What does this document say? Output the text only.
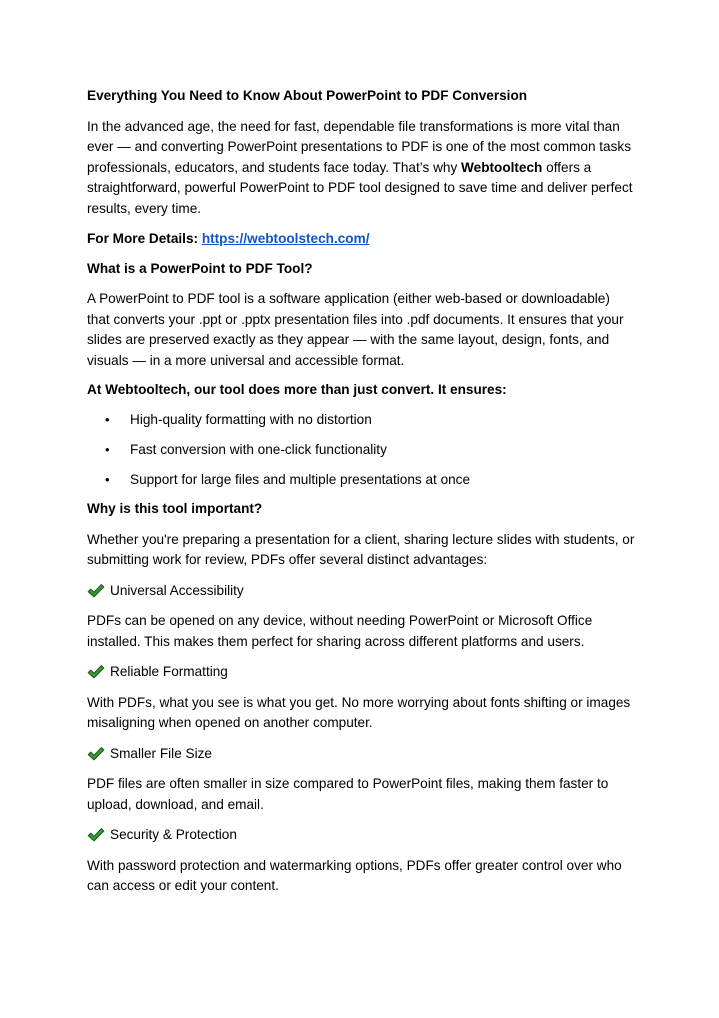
Everything You Need to Know About PowerPoint to PDF Conversion

In the advanced age, the need for fast, dependable file transformations is more vital than ever — and converting PowerPoint presentations to PDF is one of the most common tasks professionals, educators, and students face today. That’s why Webtooltech offers a straightforward, powerful PowerPoint to PDF tool designed to save time and deliver perfect results, every time.

For More Details: https://webtoolstech.com/

What is a PowerPoint to PDF Tool?

A PowerPoint to PDF tool is a software application (either web-based or downloadable) that converts your .ppt or .pptx presentation files into .pdf documents. It ensures that your slides are preserved exactly as they appear — with the same layout, design, fonts, and visuals — in a more universal and accessible format.

At Webtooltech, our tool does more than just convert. It ensures:

• High-quality formatting with no distortion
• Fast conversion with one-click functionality
• Support for large files and multiple presentations at once

Why is this tool important?

Whether you're preparing a presentation for a client, sharing lecture slides with students, or submitting work for review, PDFs offer several distinct advantages:

Universal Accessibility

PDFs can be opened on any device, without needing PowerPoint or Microsoft Office installed. This makes them perfect for sharing across different platforms and users.

Reliable Formatting

With PDFs, what you see is what you get. No more worrying about fonts shifting or images misaligning when opened on another computer.

Smaller File Size

PDF files are often smaller in size compared to PowerPoint files, making them faster to upload, download, and email.

Security & Protection

With password protection and watermarking options, PDFs offer greater control over who can access or edit your content.
